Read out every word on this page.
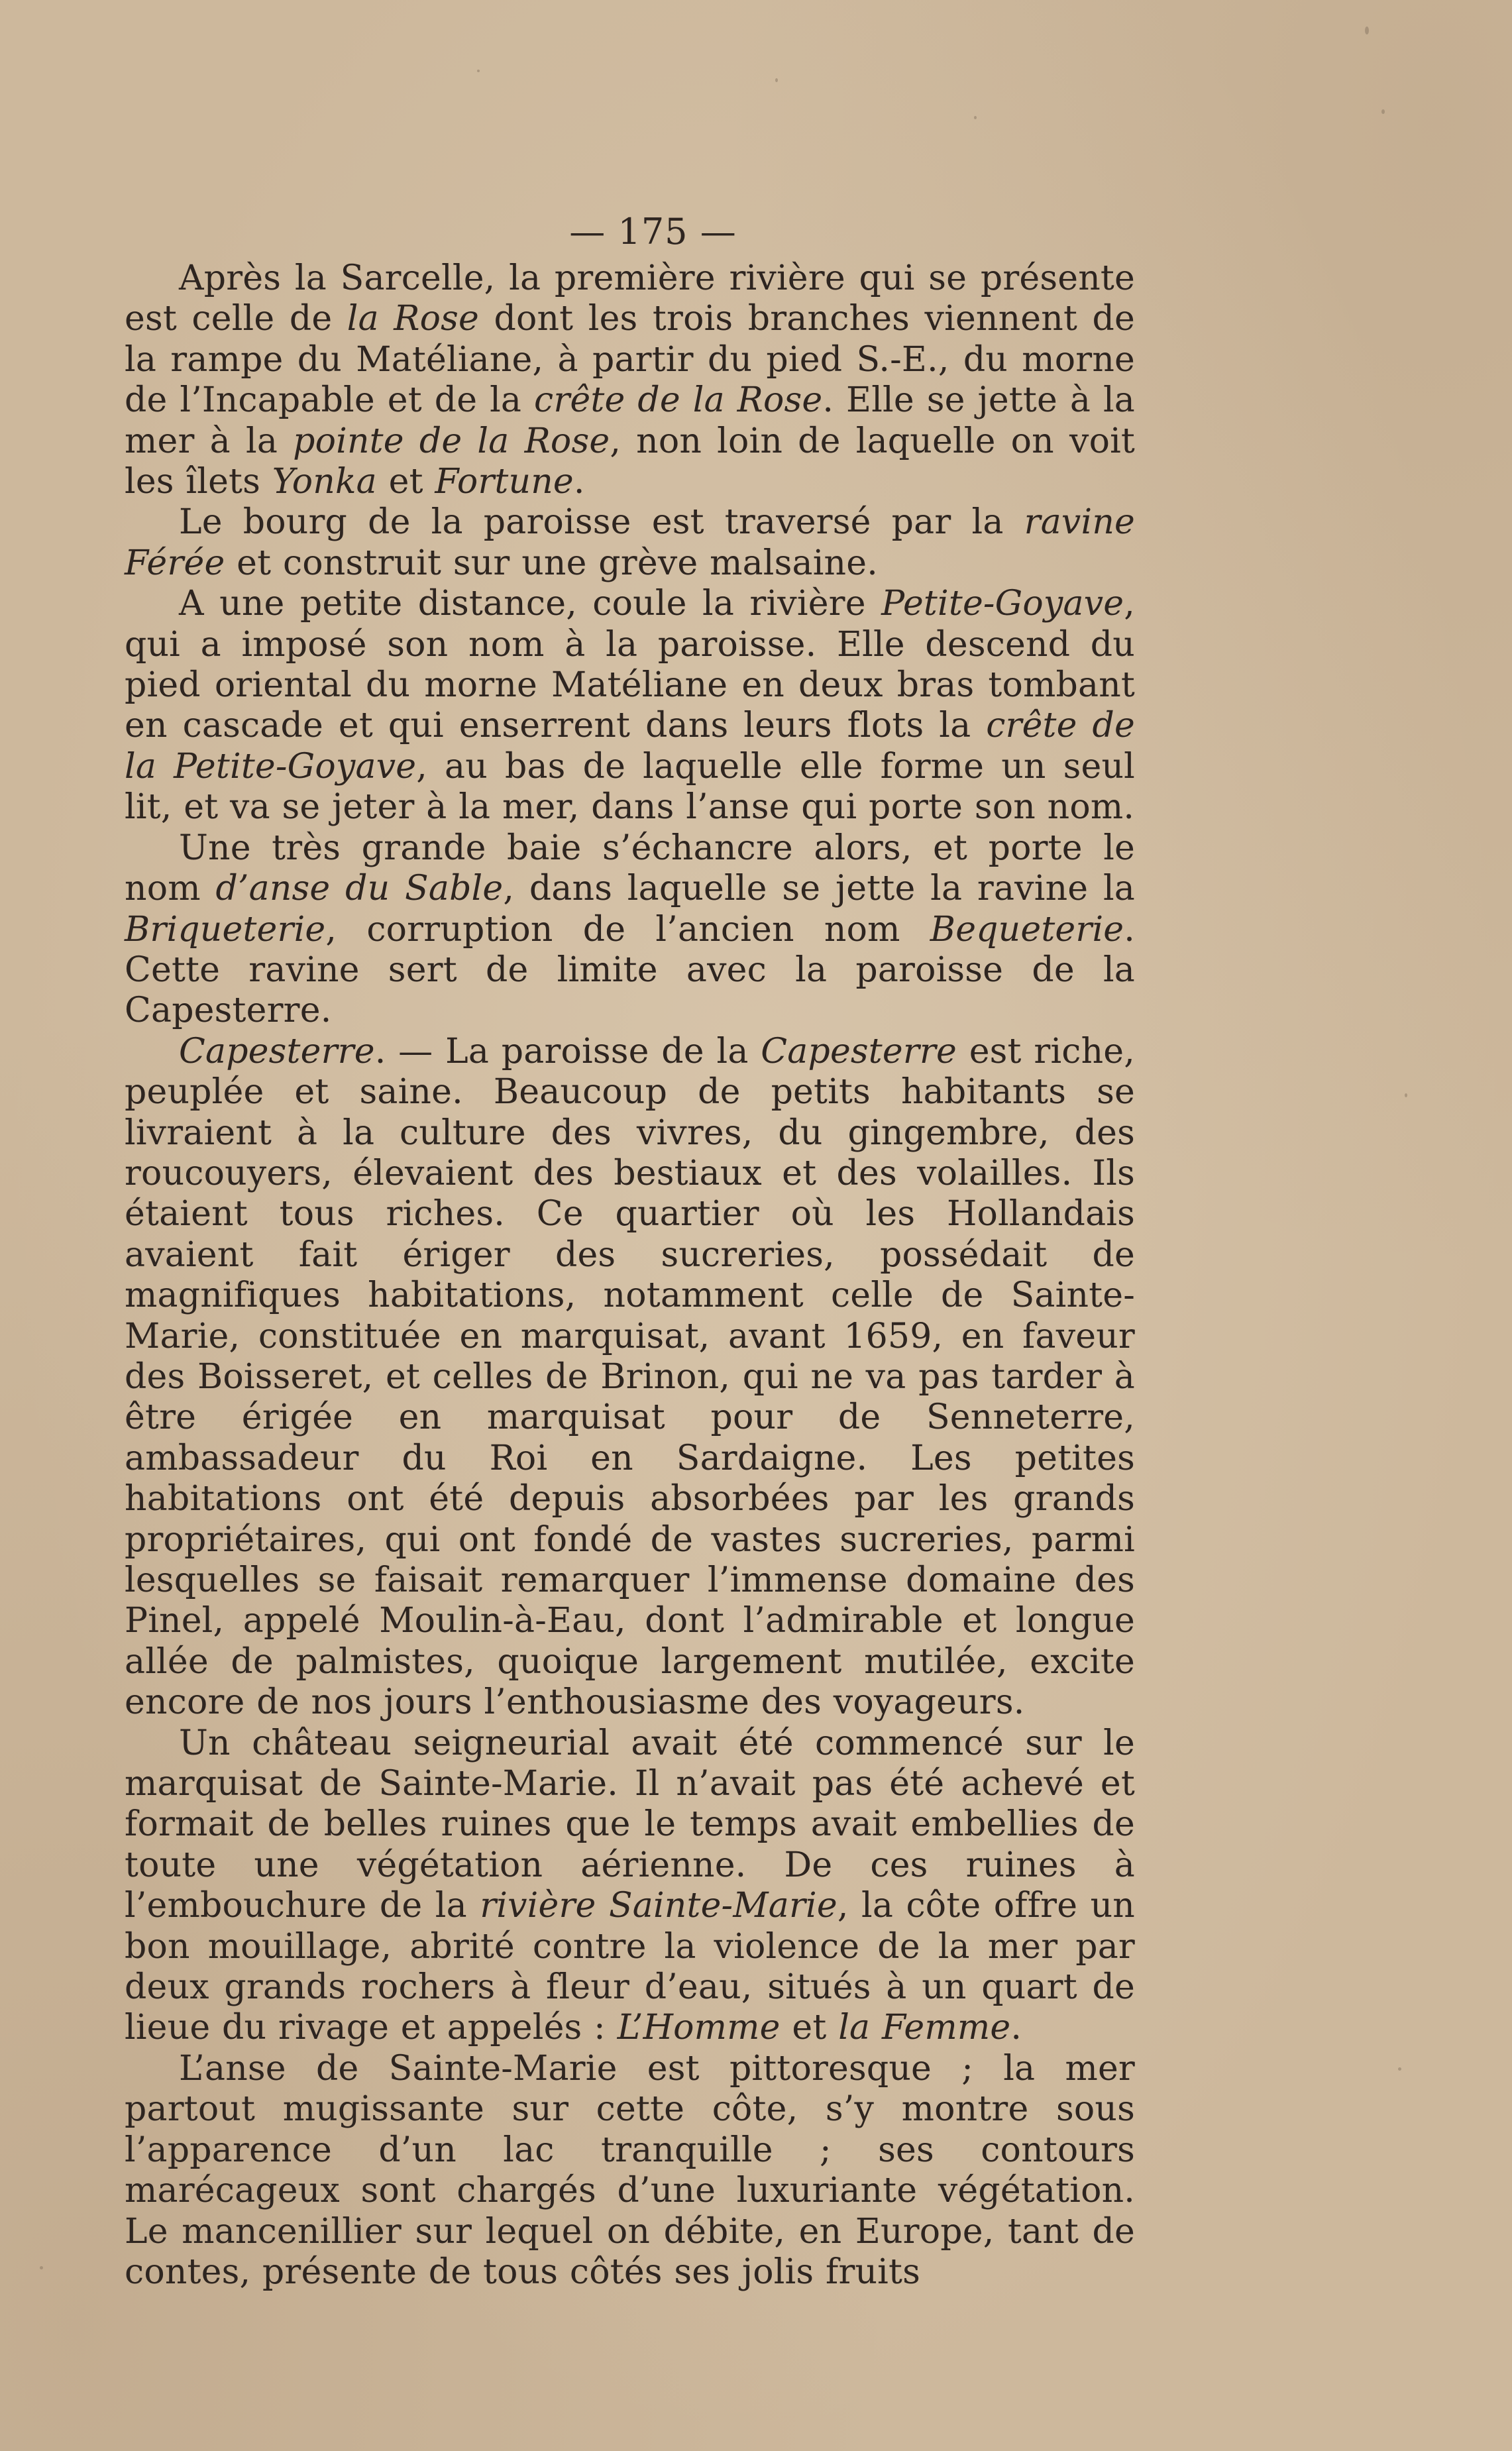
— 175 —

Après la Sarcelle, la première rivière qui se présente est celle de la Rose dont les trois branches viennent de la rampe du Matéliane, à partir du pied S.-E., du morne de l’Incapable et de la crête de la Rose. Elle se jette à la mer à la pointe de la Rose, non loin de laquelle on voit les îlets Yonka et Fortune.

Le bourg de la paroisse est traversé par la ravine Férée et construit sur une grève malsaine.

A une petite distance, coule la rivière Petite-Goyave, qui a imposé son nom à la paroisse. Elle descend du pied oriental du morne Matéliane en deux bras tombant en cascade et qui enserrent dans leurs flots la crête de la Petite-Goyave, au bas de laquelle elle forme un seul lit, et va se jeter à la mer, dans l’anse qui porte son nom.

Une très grande baie s’échancre alors, et porte le nom d’anse du Sable, dans laquelle se jette la ravine la Briqueterie, corruption de l’ancien nom Bequeterie. Cette ravine sert de limite avec la paroisse de la Capesterre.

Capesterre. — La paroisse de la Capesterre est riche, peuplée et saine. Beaucoup de petits habitants se livraient à la culture des vivres, du gingembre, des roucouyers, élevaient des bestiaux et des volailles. Ils étaient tous riches. Ce quartier où les Hollandais avaient fait ériger des sucreries, possédait de magnifiques habitations, notamment celle de Sainte-Marie, constituée en marquisat, avant 1659, en faveur des Boisseret, et celles de Brinon, qui ne va pas tarder à être érigée en marquisat pour de Senneterre, ambassadeur du Roi en Sardaigne. Les petites habitations ont été depuis absorbées par les grands propriétaires, qui ont fondé de vastes sucreries, parmi lesquelles se faisait remarquer l’immense domaine des Pinel, appelé Moulin-à-Eau, dont l’admirable et longue allée de palmistes, quoique largement mutilée, excite encore de nos jours l’enthousiasme des voyageurs.

Un château seigneurial avait été commencé sur le marquisat de Sainte-Marie. Il n’avait pas été achevé et formait de belles ruines que le temps avait embellies de toute une végétation aérienne. De ces ruines à l’embouchure de la rivière Sainte-Marie, la côte offre un bon mouillage, abrité contre la violence de la mer par deux grands rochers à fleur d’eau, situés à un quart de lieue du rivage et appelés : L’Homme et la Femme.

L’anse de Sainte-Marie est pittoresque ; la mer partout mugissante sur cette côte, s’y montre sous l’apparence d’un lac tranquille ; ses contours marécageux sont chargés d’une luxuriante végétation. Le mancenillier sur lequel on débite, en Europe, tant de contes, présente de tous côtés ses jolis fruits
